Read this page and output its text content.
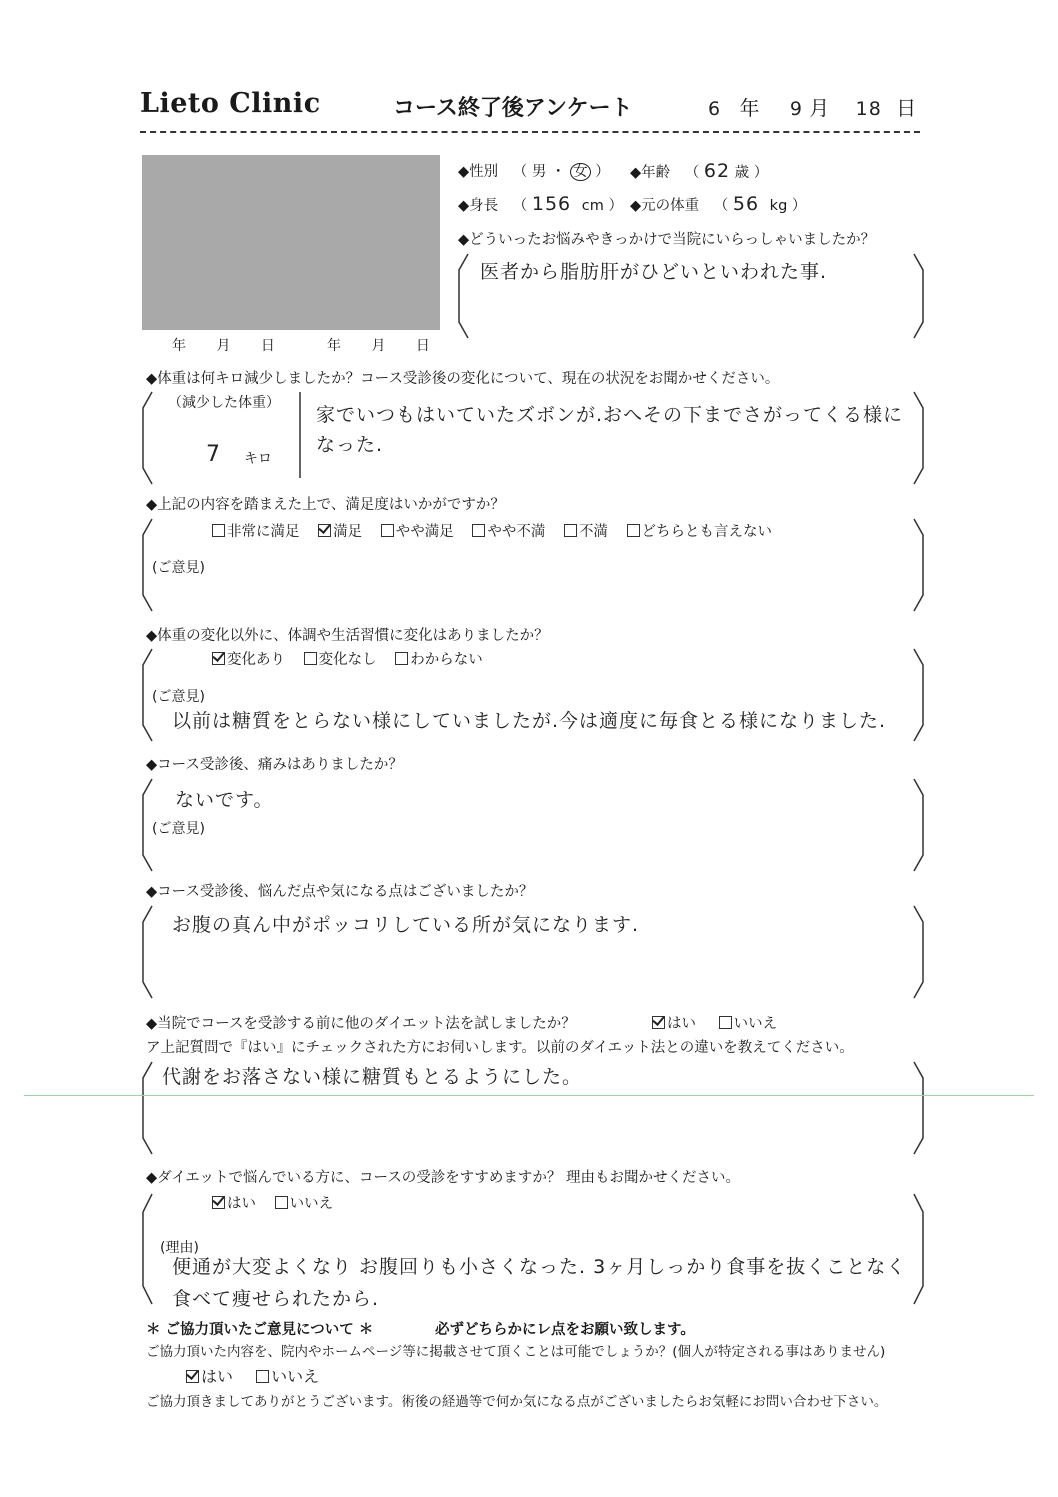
Lieto Clinic	コース終了後アンケート	6 年 9 月 18 日
年 月 日	年 月 日
◆性別 （ 男 ・ 女 ） ◆年齢 （ 62 歳 ）
◆身長 （ 156 cm ） ◆元の体重 （ 56 kg ）
◆どういったお悩みやきっかけで当院にいらっしゃいましたか？
医者から脂肪肝がひどいといわれた事.
◆体重は何キロ減少しましたか？コース受診後の変化について、現在の状況をお聞かせください。
（減少した体重）
7 キロ
家でいつもはいていたズボンが.おへその下までさがってくる様に
なった.
◆上記の内容を踏まえた上で、満足度はいかがですか？
非常に満足 満足 やや満足 やや不満 不満 どちらとも言えない
(ご意見)
◆体重の変化以外に、体調や生活習慣に変化はありましたか？
変化あり 変化なし わからない
(ご意見)
以前は糖質をとらない様にしていましたが.今は適度に毎食とる様になりました.
◆コース受診後、痛みはありましたか？
ないです。
(ご意見)
◆コース受診後、悩んだ点や気になる点はございましたか？
お腹の真ん中がポッコリしている所が気になります.
◆当院でコースを受診する前に他のダイエット法を試しましたか？	はい	いいえ
ア上記質問で『はい』にチェックされた方にお伺いします。以前のダイエット法との違いを教えてください。
代謝をお落さない様に糖質もとるようにした。
◆ダイエットで悩んでいる方に、コースの受診をすすめますか？ 理由もお聞かせください。
はい いいえ
(理由)
便通が大変よくなり お腹回りも小さくなった. 3ヶ月しっかり食事を抜くことなく
食べて痩せられたから.
＊ ご協力頂いたご意見について ＊	必ずどちらかにレ点をお願い致します。
ご協力頂いた内容を、院内やホームページ等に掲載させて頂くことは可能でしょうか？(個人が特定される事はありません)
はい いいえ
ご協力頂きましてありがとうございます。術後の経過等で何か気になる点がございましたらお気軽にお問い合わせ下さい。
